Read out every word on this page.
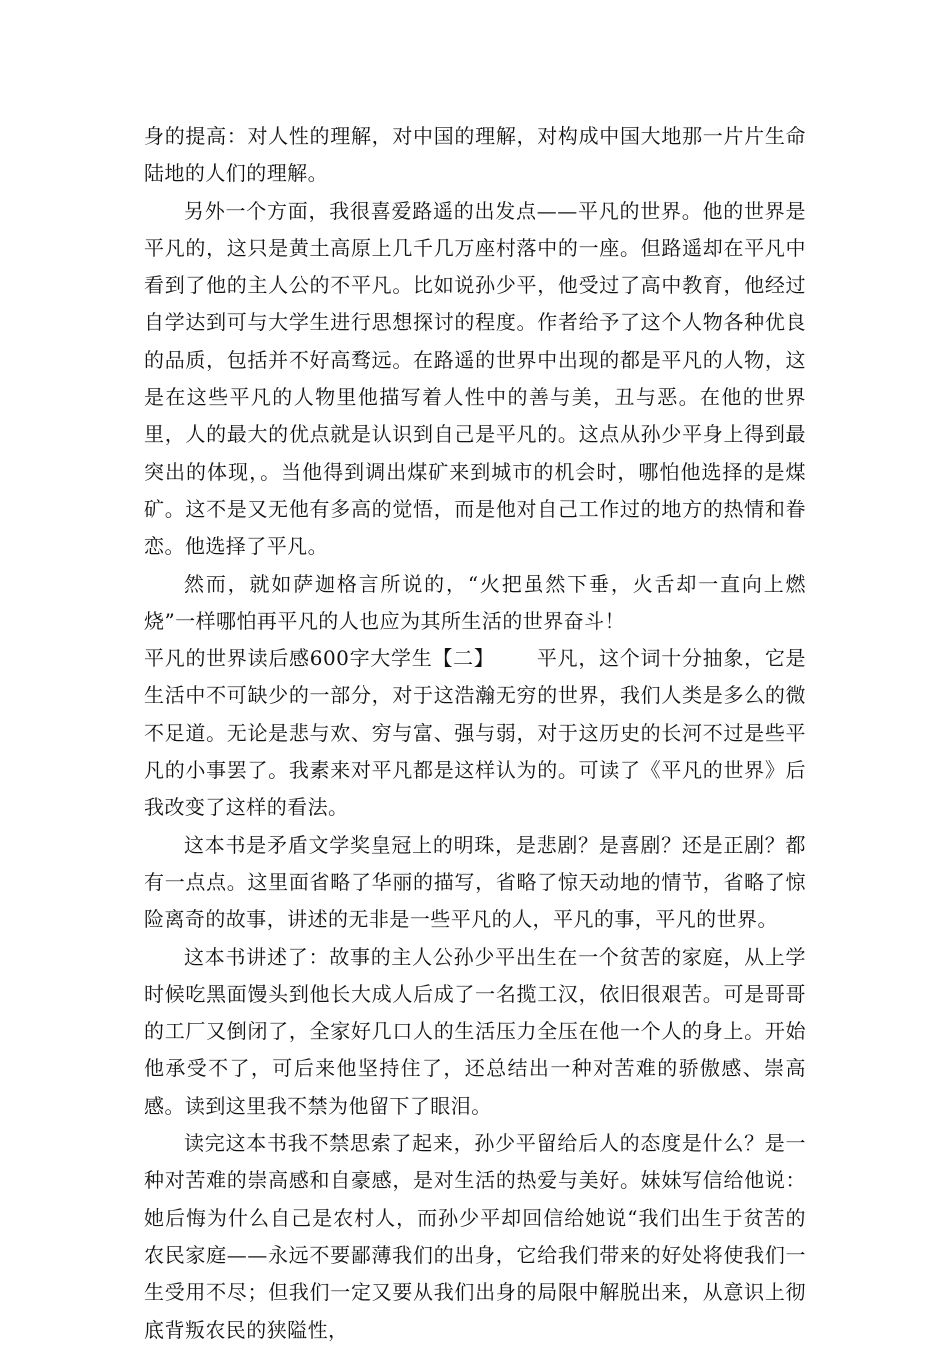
身的提高：对人性的理解，对中国的理解，对构成中国大地那一片片生命陆地的人们的理解。

另外一个方面，我很喜爱路遥的出发点——平凡的世界。他的世界是平凡的，这只是黄土高原上几千几万座村落中的一座。但路遥却在平凡中看到了他的主人公的不平凡。比如说孙少平，他受过了高中教育，他经过自学达到可与大学生进行思想探讨的程度。作者给予了这个人物各种优良的品质，包括并不好高骛远。在路遥的世界中出现的都是平凡的人物，这是在这些平凡的人物里他描写着人性中的善与美，丑与恶。在他的世界里，人的最大的优点就是认识到自己是平凡的。这点从孙少平身上得到最突出的体现，。当他得到调出煤矿来到城市的机会时，哪怕他选择的是煤矿。这不是又无他有多高的觉悟，而是他对自己工作过的地方的热情和眷恋。他选择了平凡。

然而，就如萨迦格言所说的，“火把虽然下垂，火舌却一直向上燃烧”一样哪怕再平凡的人也应为其所生活的世界奋斗！

平凡的世界读后感600字大学生【二】 平凡，这个词十分抽象，它是生活中不可缺少的一部分，对于这浩瀚无穷的世界，我们人类是多么的微不足道。无论是悲与欢、穷与富、强与弱，对于这历史的长河不过是些平凡的小事罢了。我素来对平凡都是这样认为的。可读了《平凡的世界》后我改变了这样的看法。

这本书是矛盾文学奖皇冠上的明珠，是悲剧？是喜剧？还是正剧？都有一点点。这里面省略了华丽的描写，省略了惊天动地的情节，省略了惊险离奇的故事，讲述的无非是一些平凡的人，平凡的事，平凡的世界。

这本书讲述了：故事的主人公孙少平出生在一个贫苦的家庭，从上学时候吃黑面馒头到他长大成人后成了一名揽工汉，依旧很艰苦。可是哥哥的工厂又倒闭了，全家好几口人的生活压力全压在他一个人的身上。开始他承受不了，可后来他坚持住了，还总结出一种对苦难的骄傲感、崇高感。读到这里我不禁为他留下了眼泪。

读完这本书我不禁思索了起来，孙少平留给后人的态度是什么？是一种对苦难的崇高感和自豪感，是对生活的热爱与美好。妹妹写信给他说：她后悔为什么自己是农村人，而孙少平却回信给她说“我们出生于贫苦的农民家庭——永远不要鄙薄我们的出身，它给我们带来的好处将使我们一生受用不尽；但我们一定又要从我们出身的局限中解脱出来，从意识上彻底背叛农民的狭隘性，
